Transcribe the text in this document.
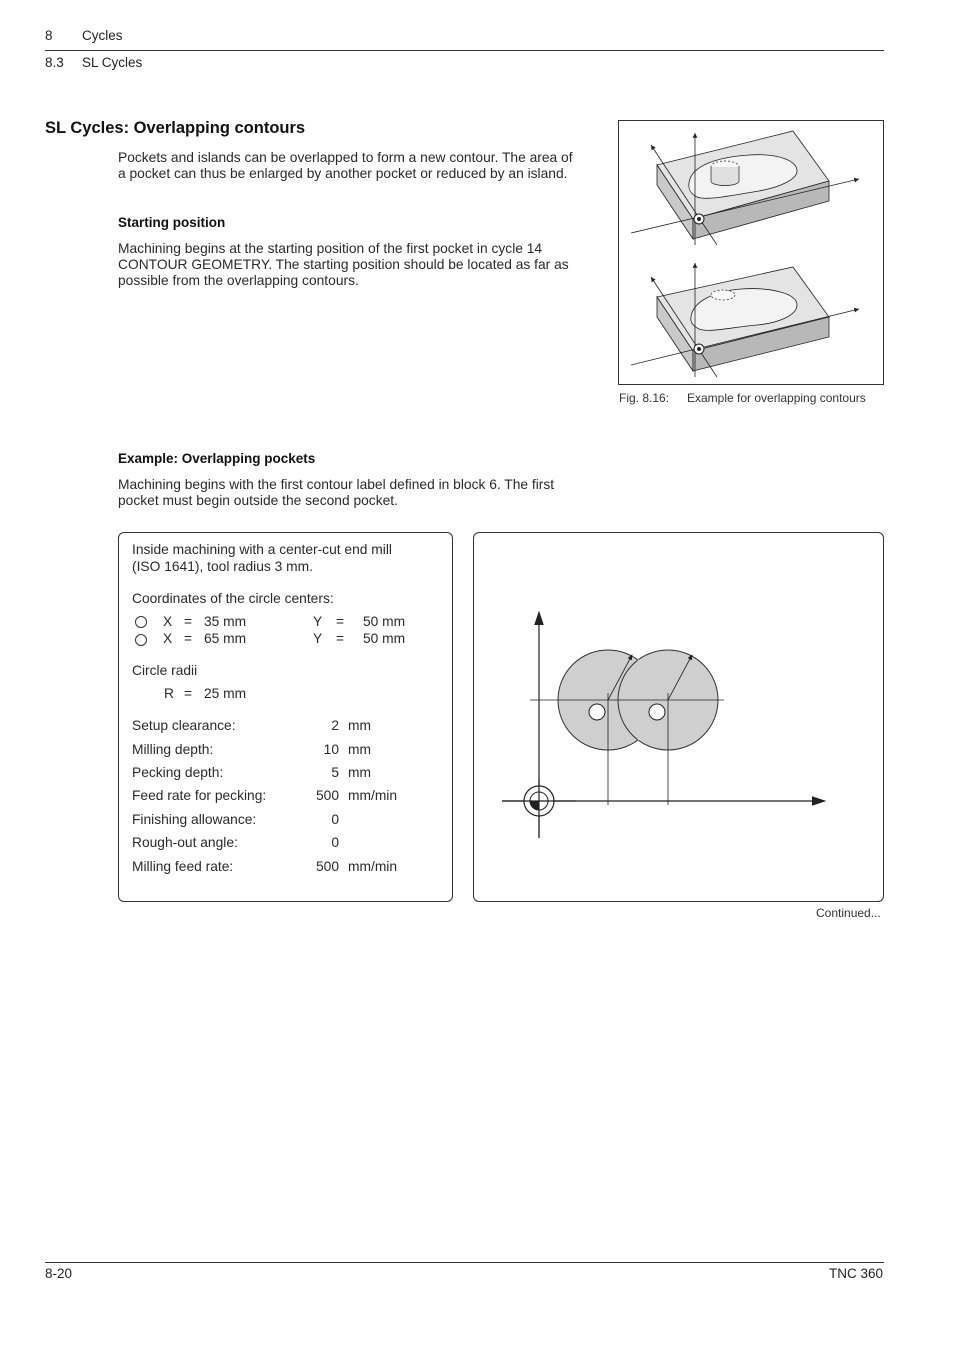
8 Cycles
8.3 SL Cycles
SL Cycles: Overlapping contours
Pockets and islands can be overlapped to form a new contour. The area of
a pocket can thus be enlarged by another pocket or reduced by an island.
Starting position
Machining begins at the starting position of the first pocket in cycle 14
CONTOUR GEOMETRY. The starting position should be located as far as
possible from the overlapping contours.
Fig. 8.16: Example for overlapping contours
Example: Overlapping pockets
Machining begins with the first contour label defined in block 6. The first
pocket must begin outside the second pocket.
Inside machining with a center-cut end mill
(ISO 1641), tool radius 3 mm.
Coordinates of the circle centers:
X = 35 mm	Y = 50 mm
X = 65 mm	Y = 50 mm
Circle radii
R = 25 mm
Setup clearance:	2 mm
Milling depth:	10 mm
Pecking depth:	5 mm
Feed rate for pecking:	500 mm/min
Finishing allowance:	0
Rough-out angle:	0
Milling feed rate:	500 mm/min
Continued...
8-20	TNC 360
